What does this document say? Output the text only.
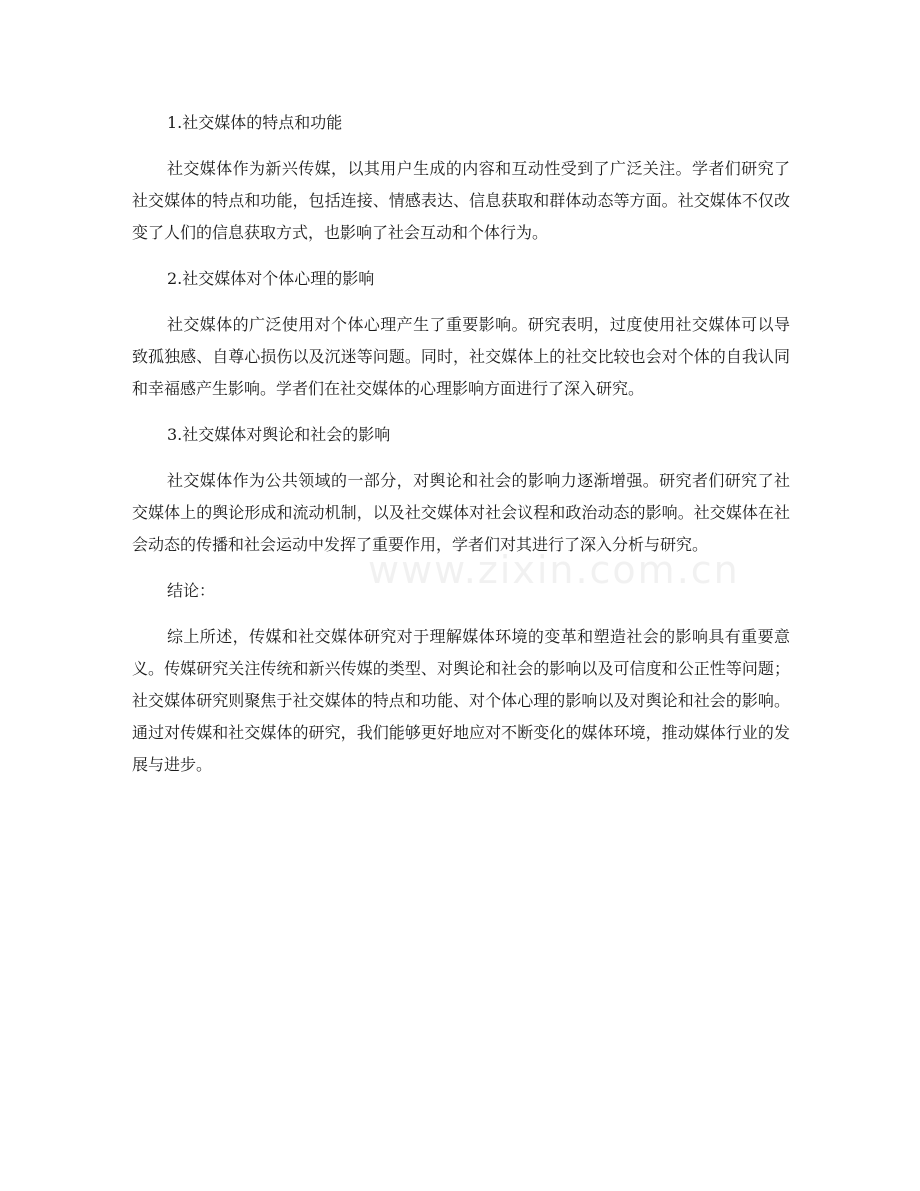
1.社交媒体的特点和功能

社交媒体作为新兴传媒，以其用户生成的内容和互动性受到了广泛关注。学者们研究了社交媒体的特点和功能，包括连接、情感表达、信息获取和群体动态等方面。社交媒体不仅改变了人们的信息获取方式，也影响了社会互动和个体行为。

2.社交媒体对个体心理的影响

社交媒体的广泛使用对个体心理产生了重要影响。研究表明，过度使用社交媒体可以导致孤独感、自尊心损伤以及沉迷等问题。同时，社交媒体上的社交比较也会对个体的自我认同和幸福感产生影响。学者们在社交媒体的心理影响方面进行了深入研究。

3.社交媒体对舆论和社会的影响

社交媒体作为公共领域的一部分，对舆论和社会的影响力逐渐增强。研究者们研究了社交媒体上的舆论形成和流动机制，以及社交媒体对社会议程和政治动态的影响。社交媒体在社会动态的传播和社会运动中发挥了重要作用，学者们对其进行了深入分析与研究。

结论：

综上所述，传媒和社交媒体研究对于理解媒体环境的变革和塑造社会的影响具有重要意义。传媒研究关注传统和新兴传媒的类型、对舆论和社会的影响以及可信度和公正性等问题；社交媒体研究则聚焦于社交媒体的特点和功能、对个体心理的影响以及对舆论和社会的影响。通过对传媒和社交媒体的研究，我们能够更好地应对不断变化的媒体环境，推动媒体行业的发展与进步。

www.zixin.com.cn
